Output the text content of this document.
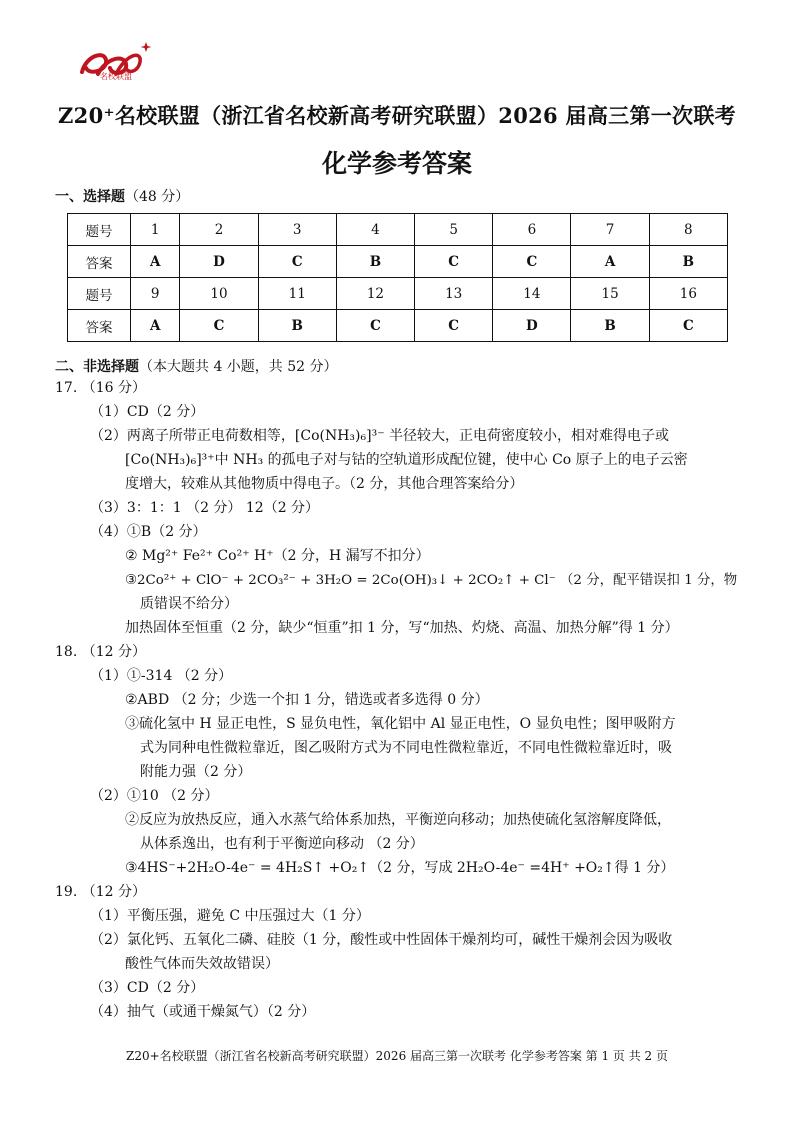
名校联盟
Z20⁺名校联盟（浙江省名校新高考研究联盟）2026 届高三第一次联考
化学参考答案
一、选择题（48 分）
题号	1	2	3	4	5	6	7	8
答案	A	D	C	B	C	C	A	B
题号	9	10	11	12	13	14	15	16
答案	A	C	B	C	C	D	B	C
二、非选择题（本大题共 4 小题，共 52 分）
17. （16 分）
（1）CD（2 分）
（2）两离子所带正电荷数相等，[Co(NH₃)₆]³⁻ 半径较大，正电荷密度较小，相对难得电子或
[Co(NH₃)₆]³⁺中 NH₃ 的孤电子对与钴的空轨道形成配位键，使中心 Co 原子上的电子云密
度增大，较难从其他物质中得电子。（2 分，其他合理答案给分）
（3）3：1：1 （2 分） 12（2 分）
（4）①B（2 分）
② Mg²⁺ Fe²⁺ Co²⁺ H⁺（2 分，H 漏写不扣分）
③2Co²⁺ + ClO⁻ + 2CO₃²⁻ + 3H₂O = 2Co(OH)₃↓ + 2CO₂↑ + Cl⁻ （2 分，配平错误扣 1 分，物
质错误不给分）
加热固体至恒重（2 分，缺少“恒重”扣 1 分，写“加热、灼烧、高温、加热分解”得 1 分）
18. （12 分）
（1）①-314 （2 分）
②ABD （2 分；少选一个扣 1 分，错选或者多选得 0 分）
③硫化氢中 H 显正电性，S 显负电性，氧化铝中 Al 显正电性，O 显负电性；图甲吸附方
式为同种电性微粒靠近，图乙吸附方式为不同电性微粒靠近，不同电性微粒靠近时，吸
附能力强（2 分）
（2）①10 （2 分）
②反应为放热反应，通入水蒸气给体系加热，平衡逆向移动；加热使硫化氢溶解度降低，
从体系逸出，也有利于平衡逆向移动 （2 分）
③4HS⁻+2H₂O-4e⁻ = 4H₂S↑ +O₂↑（2 分，写成 2H₂O-4e⁻ =4H⁺ +O₂↑得 1 分）
19. （12 分）
（1）平衡压强，避免 C 中压强过大（1 分）
（2）氯化钙、五氧化二磷、硅胶（1 分，酸性或中性固体干燥剂均可，碱性干燥剂会因为吸收
酸性气体而失效故错误）
（3）CD（2 分）
（4）抽气（或通干燥氮气）（2 分）
Z20+名校联盟（浙江省名校新高考研究联盟）2026 届高三第一次联考 化学参考答案 第 1 页 共 2 页
